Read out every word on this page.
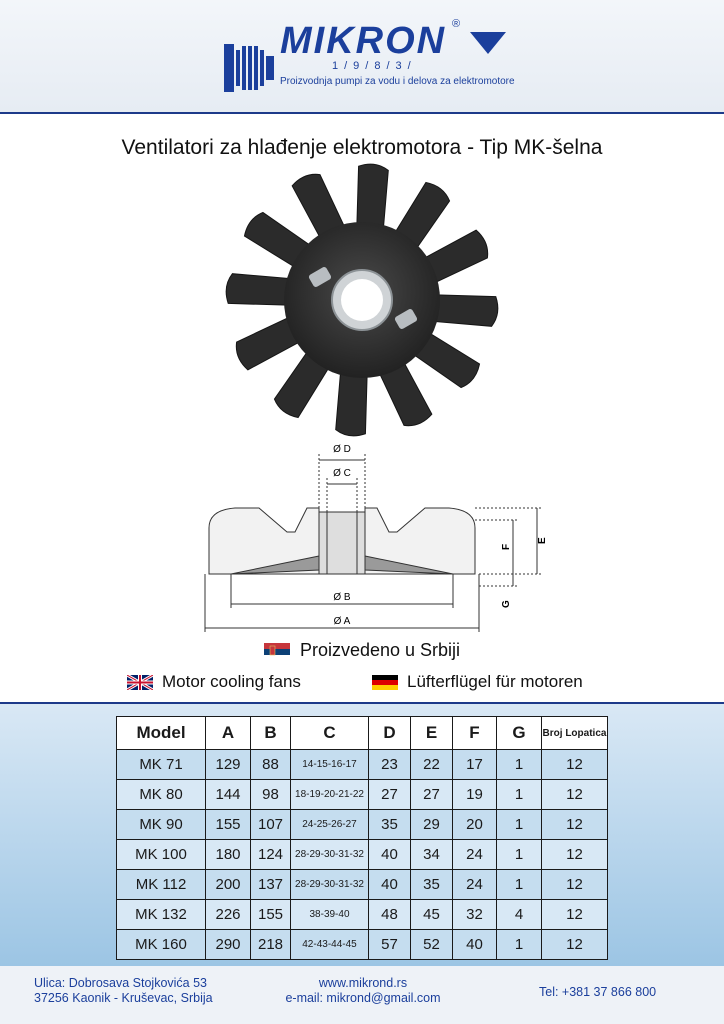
MIKRON ®
1/9/8/3/
Proizvodnja pumpi za vodu i delova za elektromotore
Ventilatori za hlađenje elektromotora - Tip MK-šelna
Ø D
Ø C
Ø B
Ø A
E
F
G
Proizvedeno u Srbiji
Motor cooling fans	Lüfterflügel für motoren
Model	A	B	C	D	E	F	G	Broj Lopatica
MK 71	129	88	14-15-16-17	23	22	17	1	12
MK 80	144	98	18-19-20-21-22	27	27	19	1	12
MK 90	155	107	24-25-26-27	35	29	20	1	12
MK 100	180	124	28-29-30-31-32	40	34	24	1	12
MK 112	200	137	28-29-30-31-32	40	35	24	1	12
MK 132	226	155	38-39-40	48	45	32	4	12
MK 160	290	218	42-43-44-45	57	52	40	1	12
Ulica: Dobrosava Stojkovića 53
37256 Kaonik - Kruševac, Srbija
www.mikrond.rs
e-mail: mikrond@gmail.com	Tel: +381 37 866 800
